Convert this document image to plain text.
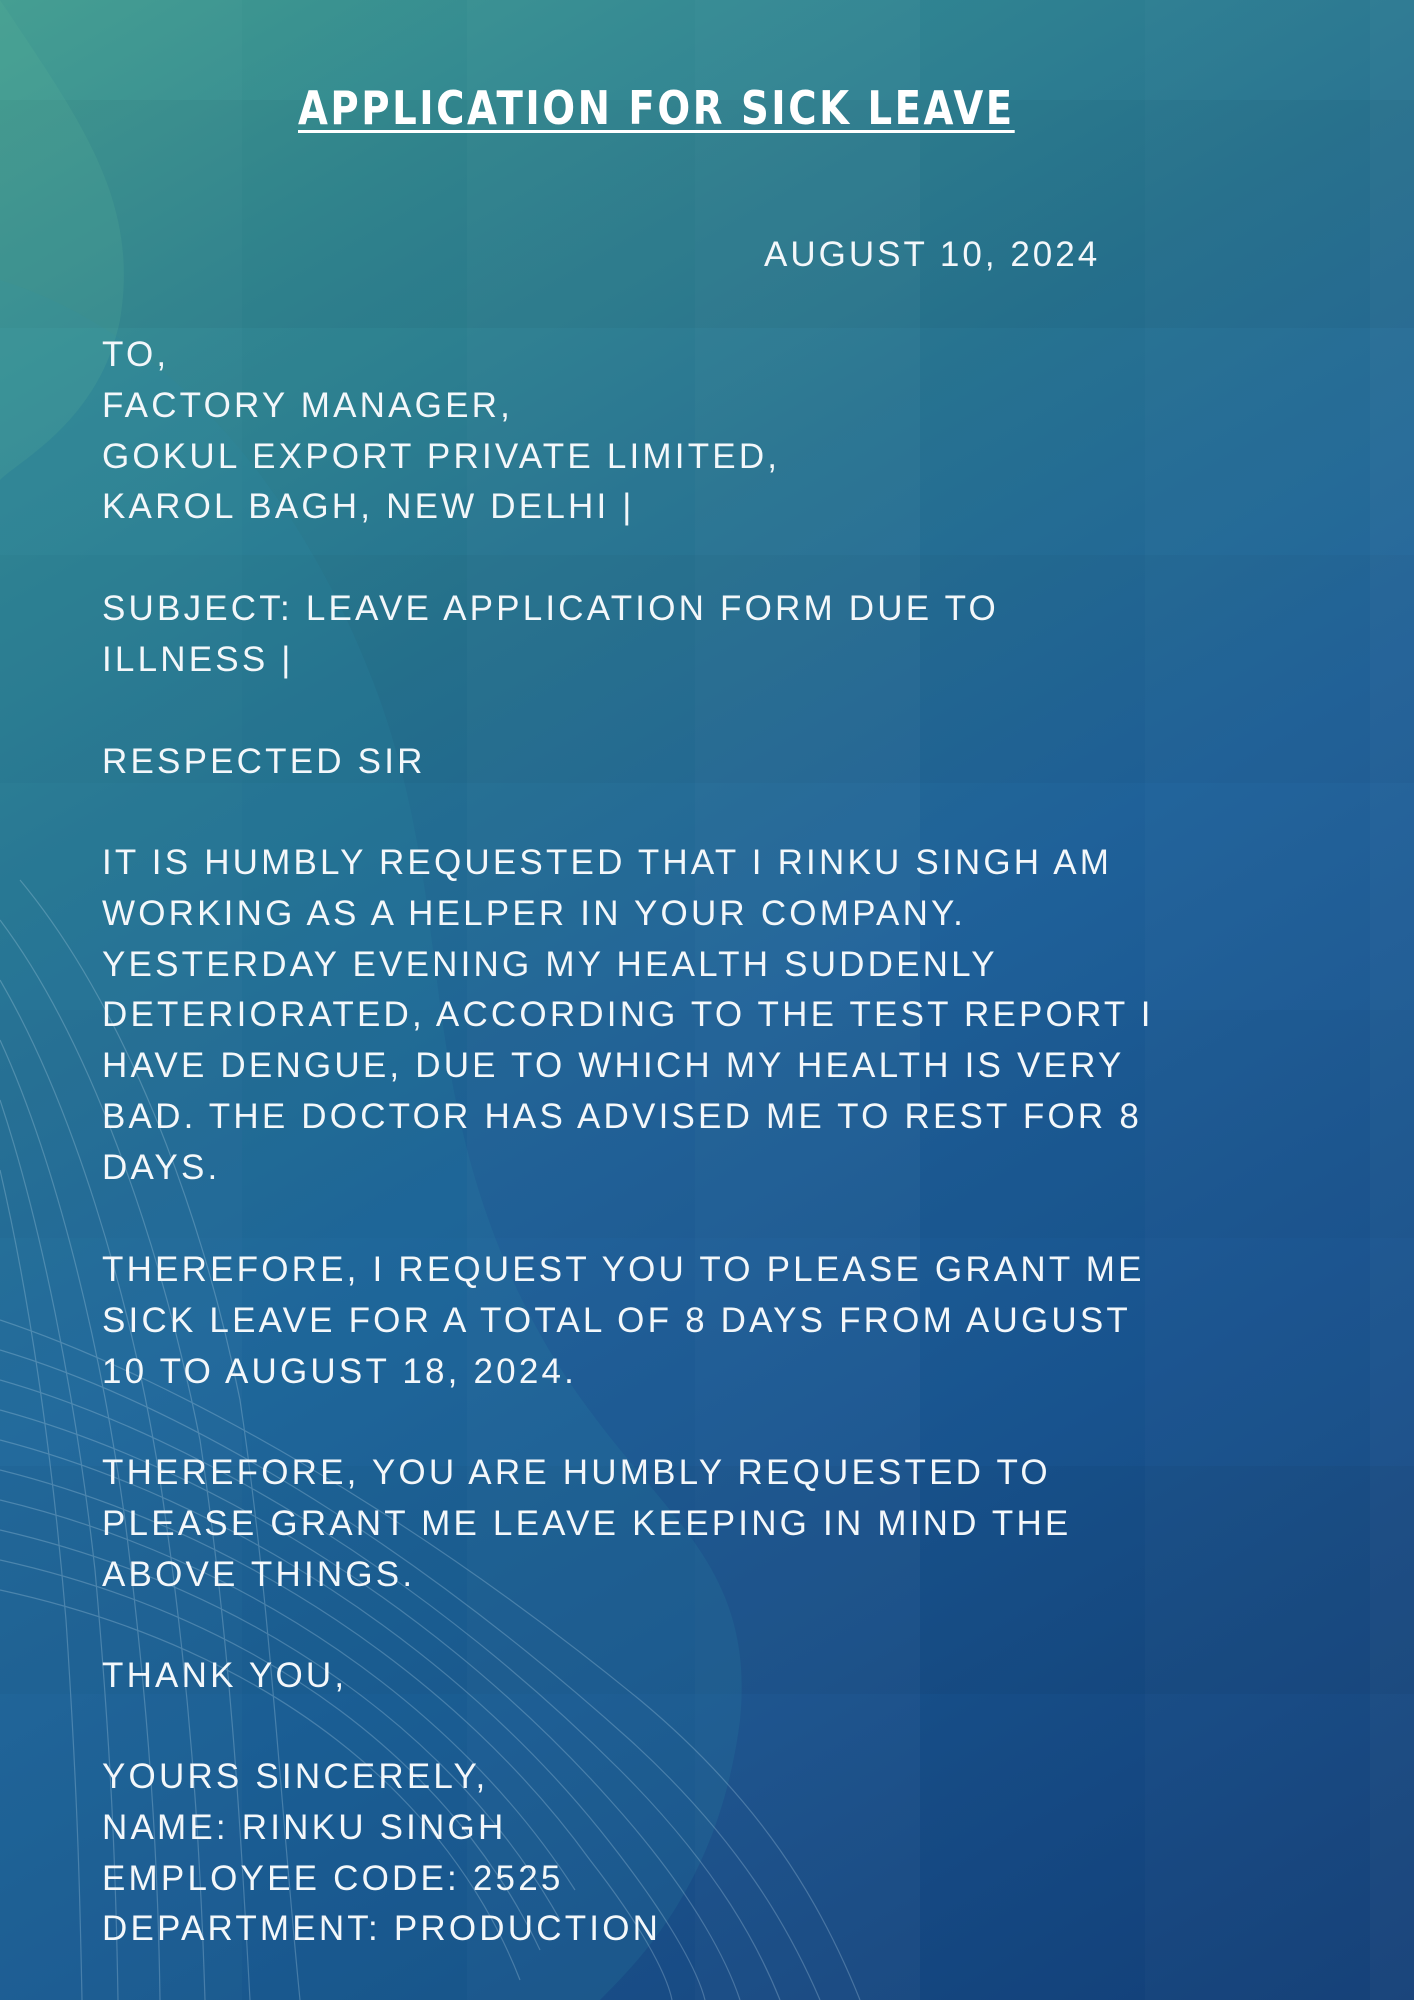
APPLICATION FOR SICK LEAVE
AUGUST 10, 2024
TO,
FACTORY MANAGER,
GOKUL EXPORT PRIVATE LIMITED,
KAROL BAGH, NEW DELHI |
SUBJECT: LEAVE APPLICATION FORM DUE TO
ILLNESS |
RESPECTED SIR
IT IS HUMBLY REQUESTED THAT I RINKU SINGH AM
WORKING AS A HELPER IN YOUR COMPANY.
YESTERDAY EVENING MY HEALTH SUDDENLY
DETERIORATED, ACCORDING TO THE TEST REPORT I
HAVE DENGUE, DUE TO WHICH MY HEALTH IS VERY
BAD. THE DOCTOR HAS ADVISED ME TO REST FOR 8
DAYS.
THEREFORE, I REQUEST YOU TO PLEASE GRANT ME
SICK LEAVE FOR A TOTAL OF 8 DAYS FROM AUGUST
10 TO AUGUST 18, 2024.
THEREFORE, YOU ARE HUMBLY REQUESTED TO
PLEASE GRANT ME LEAVE KEEPING IN MIND THE
ABOVE THINGS.
THANK YOU,
YOURS SINCERELY,
NAME: RINKU SINGH
EMPLOYEE CODE: 2525
DEPARTMENT: PRODUCTION
